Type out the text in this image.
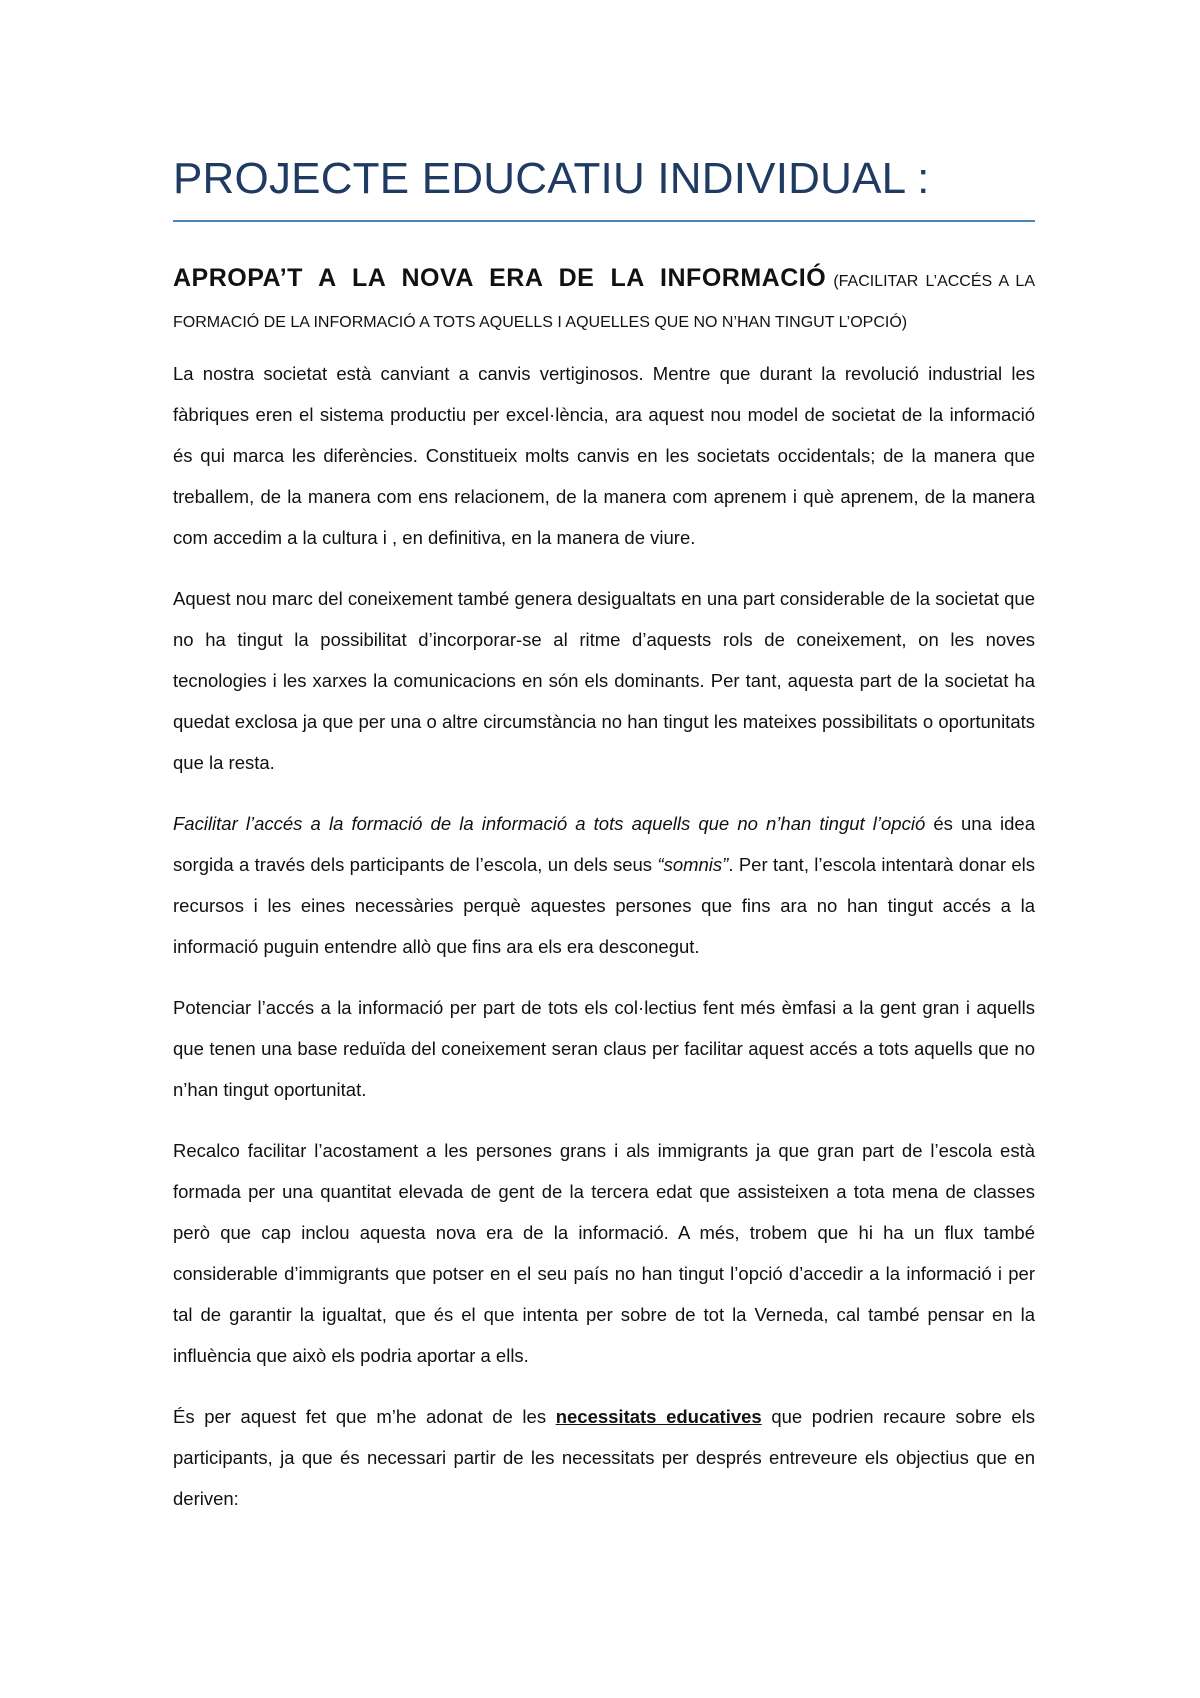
PROJECTE EDUCATIU INDIVIDUAL :
APROPA’T A LA NOVA ERA DE LA INFORMACIÓ (FACILITAR L’ACCÉS A LA FORMACIÓ DE LA INFORMACIÓ A TOTS AQUELLS I AQUELLES QUE NO N’HAN TINGUT L’OPCIÓ)

La nostra societat està canviant a canvis vertiginosos. Mentre que durant la revolució industrial les fàbriques eren el sistema productiu per excel·lència, ara aquest nou model de societat de la informació és qui marca les diferències. Constitueix molts canvis en les societats occidentals; de la manera que treballem, de la manera com ens relacionem, de la manera com aprenem i què aprenem, de la manera com accedim a la cultura i , en definitiva, en la manera de viure.

Aquest nou marc del coneixement també genera desigualtats en una part considerable de la societat que no ha tingut la possibilitat d’incorporar-se al ritme d’aquests rols de coneixement, on les noves tecnologies i les xarxes la comunicacions en són els dominants. Per tant, aquesta part de la societat ha quedat exclosa ja que per una o altre circumstància no han tingut les mateixes possibilitats o oportunitats que la resta.

Facilitar l’accés a la formació de la informació a tots aquells que no n’han tingut l’opció és una idea sorgida a través dels participants de l’escola, un dels seus “somnis”. Per tant, l’escola intentarà donar els recursos i les eines necessàries perquè aquestes persones que fins ara no han tingut accés a la informació puguin entendre allò que fins ara els era desconegut.

Potenciar l’accés a la informació per part de tots els col·lectius fent més èmfasi a la gent gran i aquells que tenen una base reduïda del coneixement seran claus per facilitar aquest accés a tots aquells que no n’han tingut oportunitat.

Recalco facilitar l’acostament a les persones grans i als immigrants ja que gran part de l’escola està formada per una quantitat elevada de gent de la tercera edat que assisteixen a tota mena de classes però que cap inclou aquesta nova era de la informació. A més, trobem que hi ha un flux també considerable d’immigrants que potser en el seu país no han tingut l’opció d’accedir a la informació i per tal de garantir la igualtat, que és el que intenta per sobre de tot la Verneda, cal també pensar en la influència que això els podria aportar a ells.

És per aquest fet que m’he adonat de les necessitats educatives que podrien recaure sobre els participants, ja que és necessari partir de les necessitats per després entreveure els objectius que en deriven:
